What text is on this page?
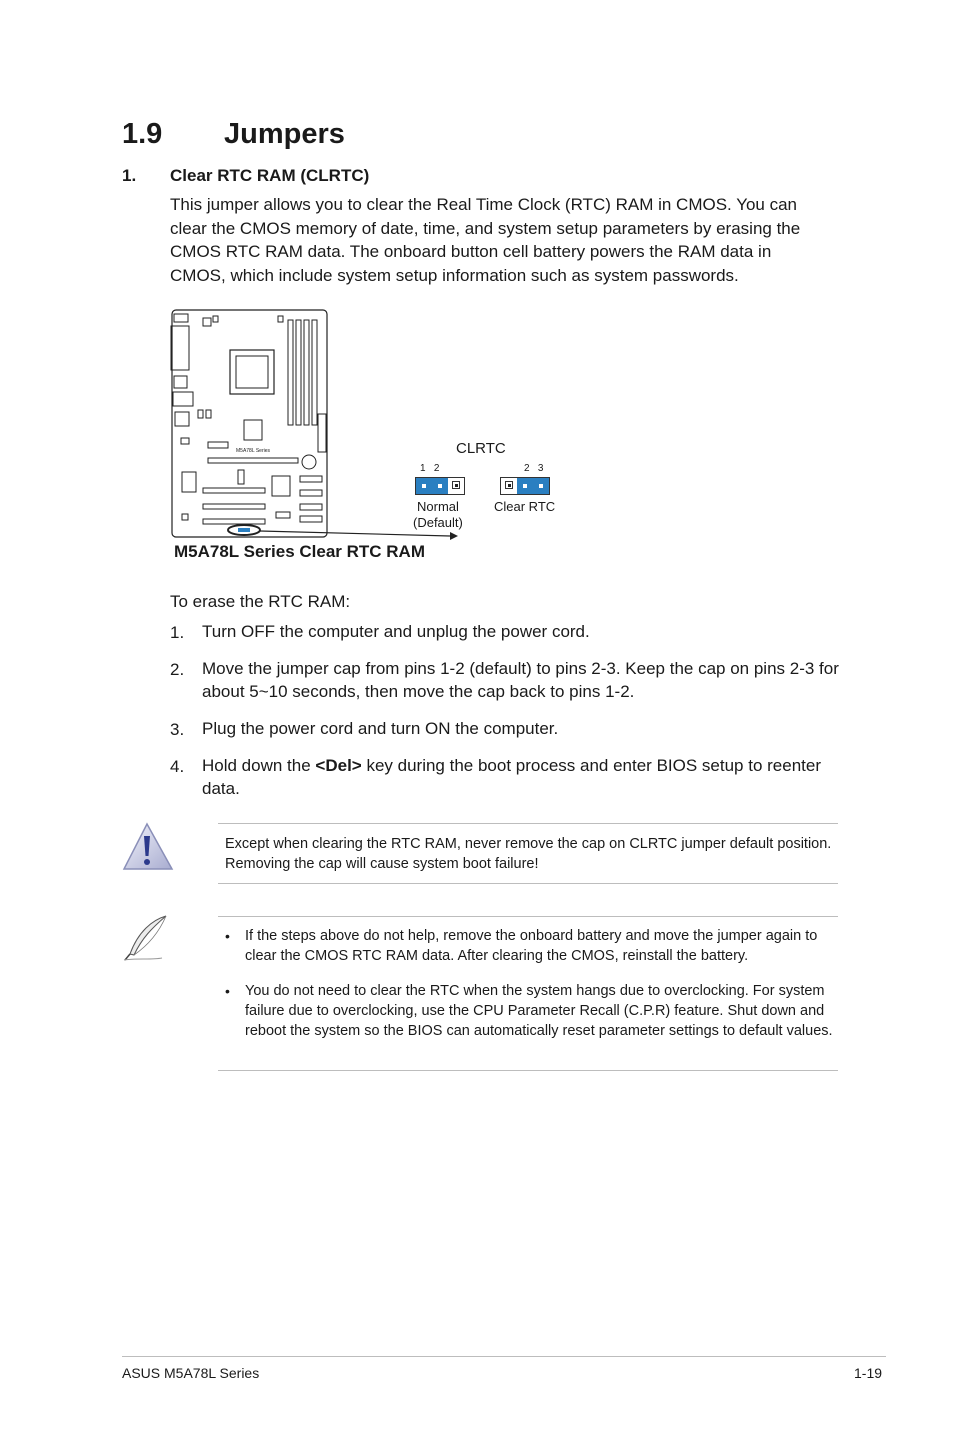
1.9 Jumpers
1. Clear RTC RAM (CLRTC)
This jumper allows you to clear the Real Time Clock (RTC) RAM in CMOS. You can clear the CMOS memory of date, time, and system setup parameters by erasing the CMOS RTC RAM data. The onboard button cell battery powers the RAM data in CMOS, which include system setup information such as system passwords.
M5A78L Series	CLRTC
1   2	2   3
Normal
(Default)
Clear RTC
M5A78L Series Clear RTC RAM
To erase the RTC RAM:
1. Turn OFF the computer and unplug the power cord.
2. Move the jumper cap from pins 1-2 (default) to pins 2-3. Keep the cap on pins 2-3 for about 5~10 seconds, then move the cap back to pins 1-2.
3. Plug the power cord and turn ON the computer.
4. Hold down the <Del> key during the boot process and enter BIOS setup to reenter data.
Except when clearing the RTC RAM, never remove the cap on CLRTC jumper default position. Removing the cap will cause system boot failure!
• If the steps above do not help, remove the onboard battery and move the jumper again to clear the CMOS RTC RAM data. After clearing the CMOS, reinstall the battery.
• You do not need to clear the RTC when the system hangs due to overclocking. For system failure due to overclocking, use the CPU Parameter Recall (C.P.R) feature. Shut down and reboot the system so the BIOS can automatically reset parameter settings to default values.
ASUS M5A78L Series	1-19
